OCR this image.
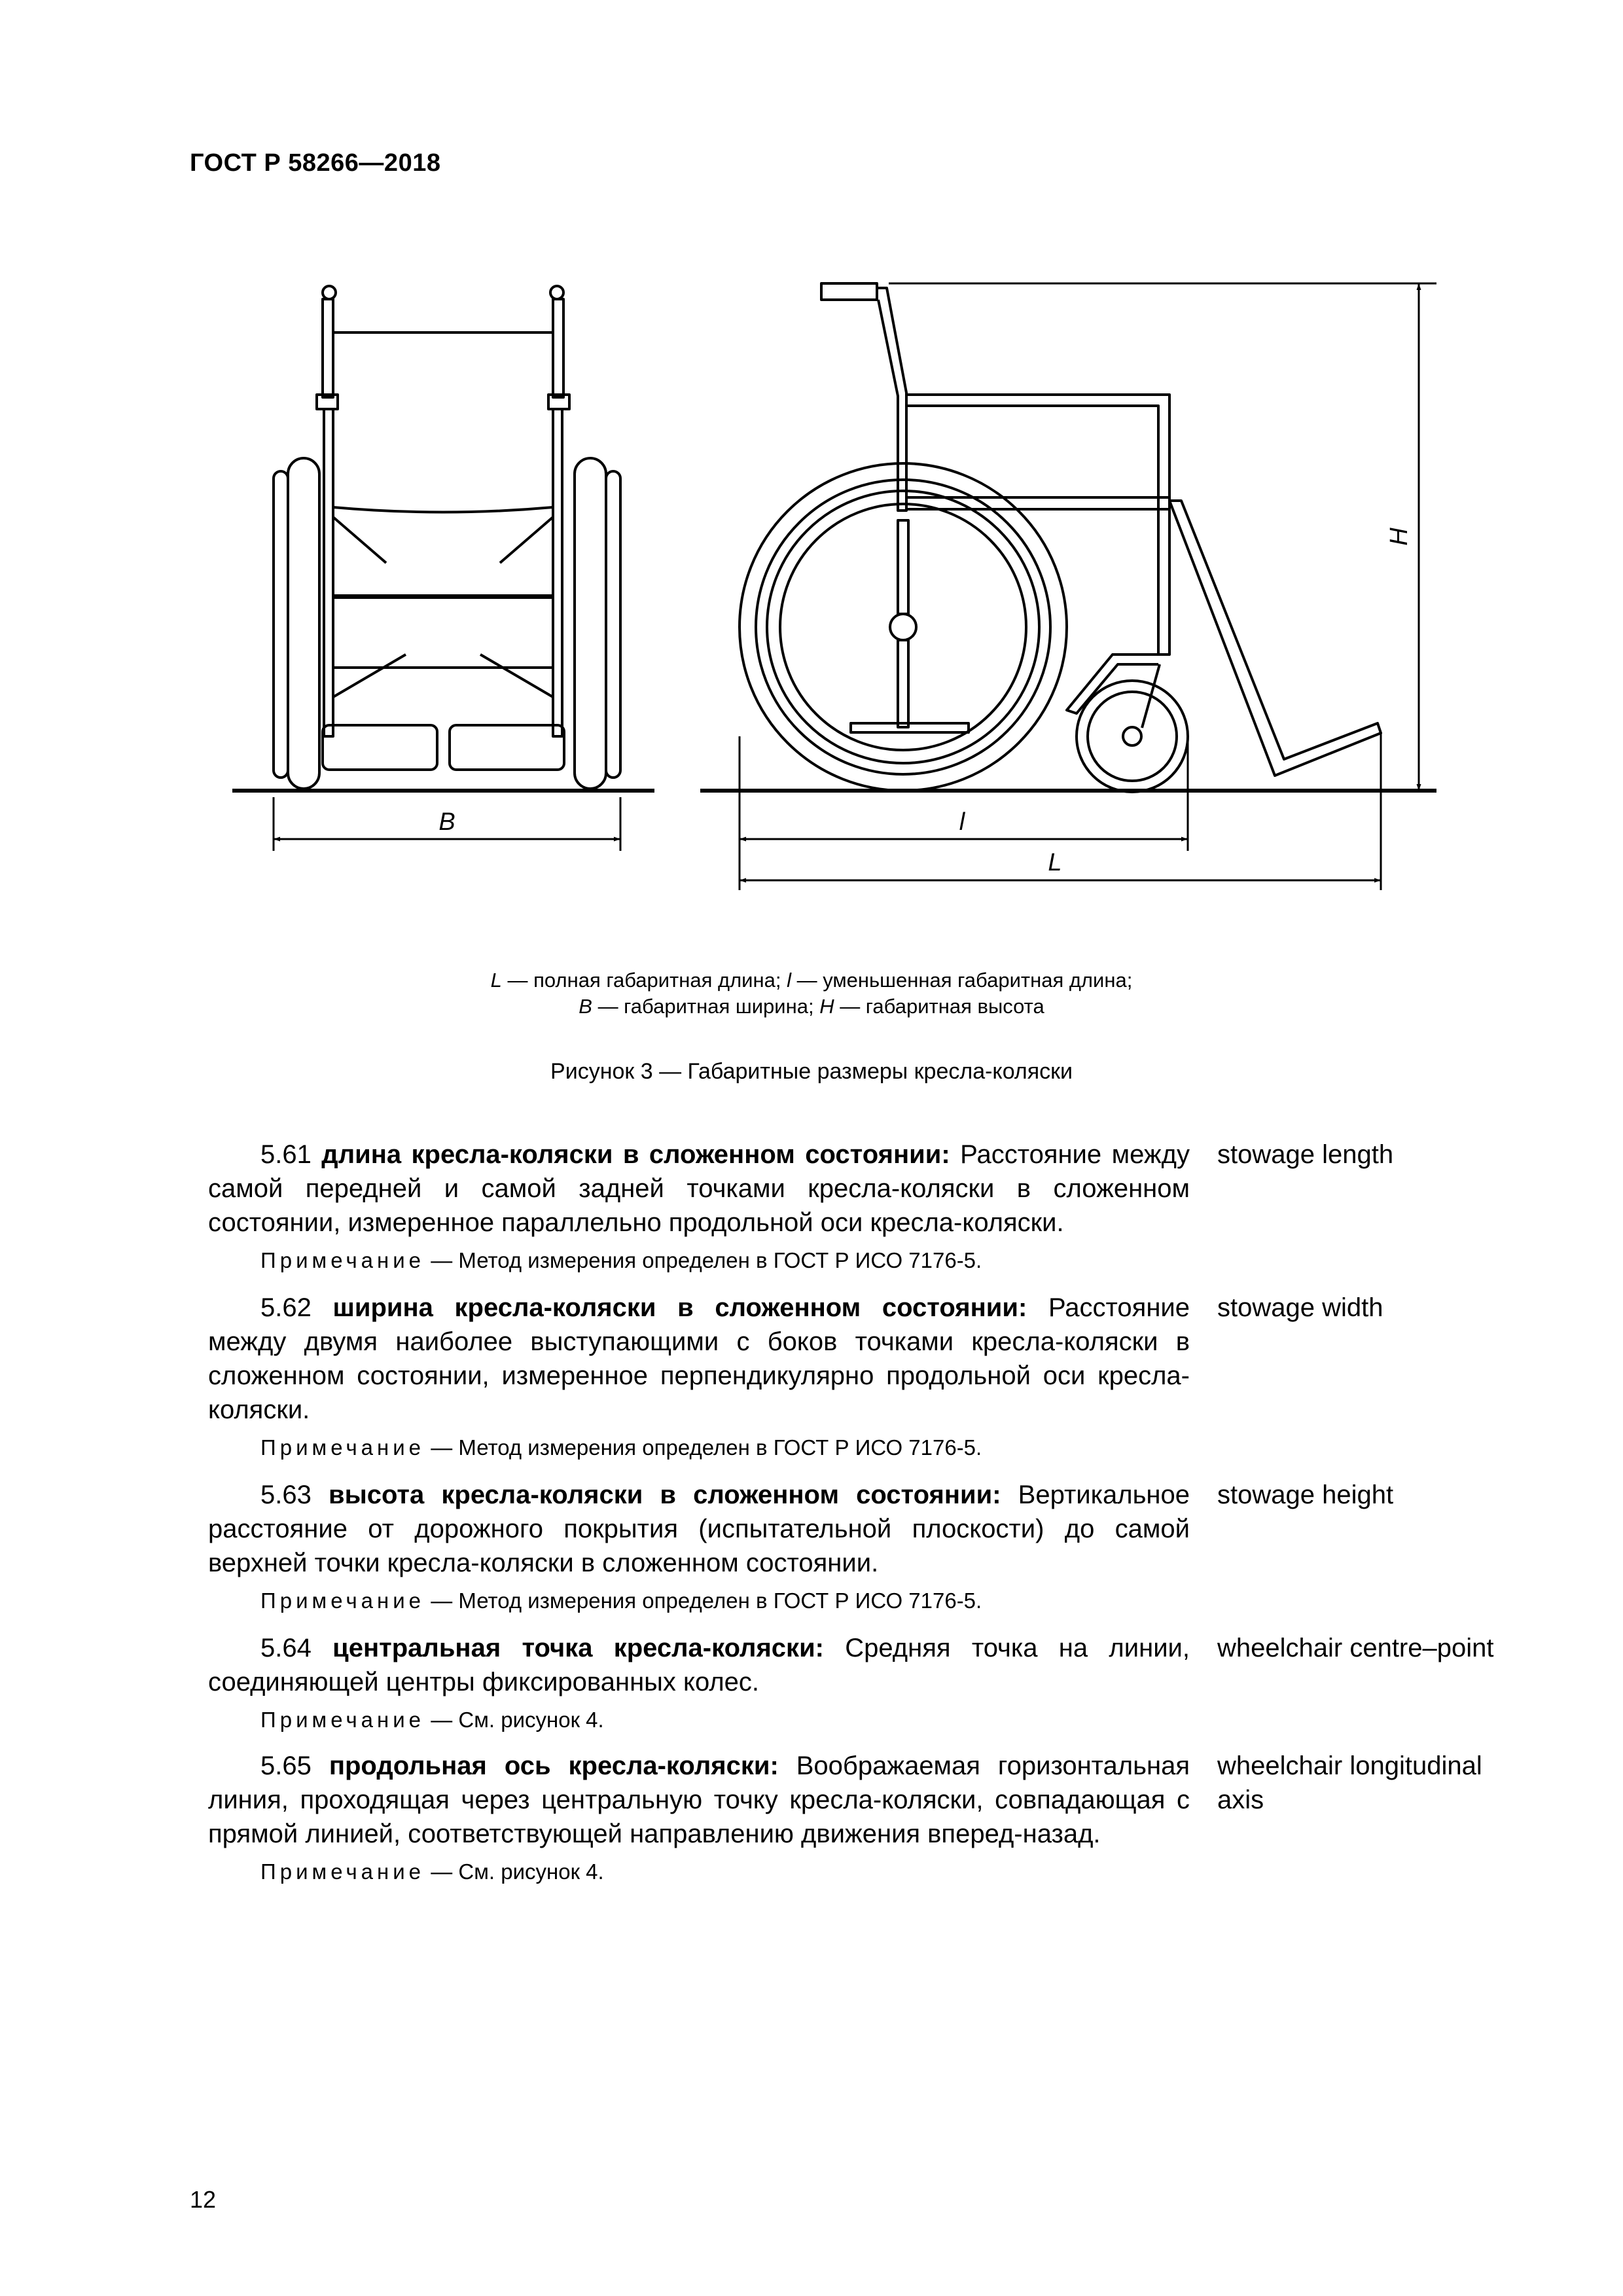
ГОСТ Р 58266—2018
B	l
L
H
L — полная габаритная длина; l — уменьшенная габаритная длина;
B — габаритная ширина; H — габаритная высота
Рисунок 3 — Габаритные размеры кресла-коляски

5.61 длина кресла-коляски в сложенном состоянии: Расстояние между самой передней и самой задней точками кресла-коляски в сложенном состоянии, измеренное параллельно продольной оси кресла-коляски.

Примечание — Метод измерения определен в ГОСТ Р ИСО 7176-5.
stowage length

5.62 ширина кресла-коляски в сложенном состоянии: Расстояние между двумя наиболее выступающими с боков точками кресла-коляски в сложенном состоянии, измеренное перпендикулярно продольной оси кресла-коляски.

Примечание — Метод измерения определен в ГОСТ Р ИСО 7176-5.
stowage width

5.63 высота кресла-коляски в сложенном состоянии: Вертикальное расстояние от дорожного покрытия (испытательной плоскости) до самой верхней точки кресла-коляски в сложенном состоянии.

Примечание — Метод измерения определен в ГОСТ Р ИСО 7176-5.
stowage height

5.64 центральная точка кресла-коляски: Средняя точка на линии, соединяющей центры фиксированных колес.

Примечание — См. рисунок 4.
wheelchair centre–point

5.65 продольная ось кресла-коляски: Воображаемая горизонтальная линия, проходящая через центральную точку кресла-коляски, совпадающая с прямой линией, соответствующей направлению движения вперед-назад.

Примечание — См. рисунок 4.
wheelchair longitudinal axis
12
